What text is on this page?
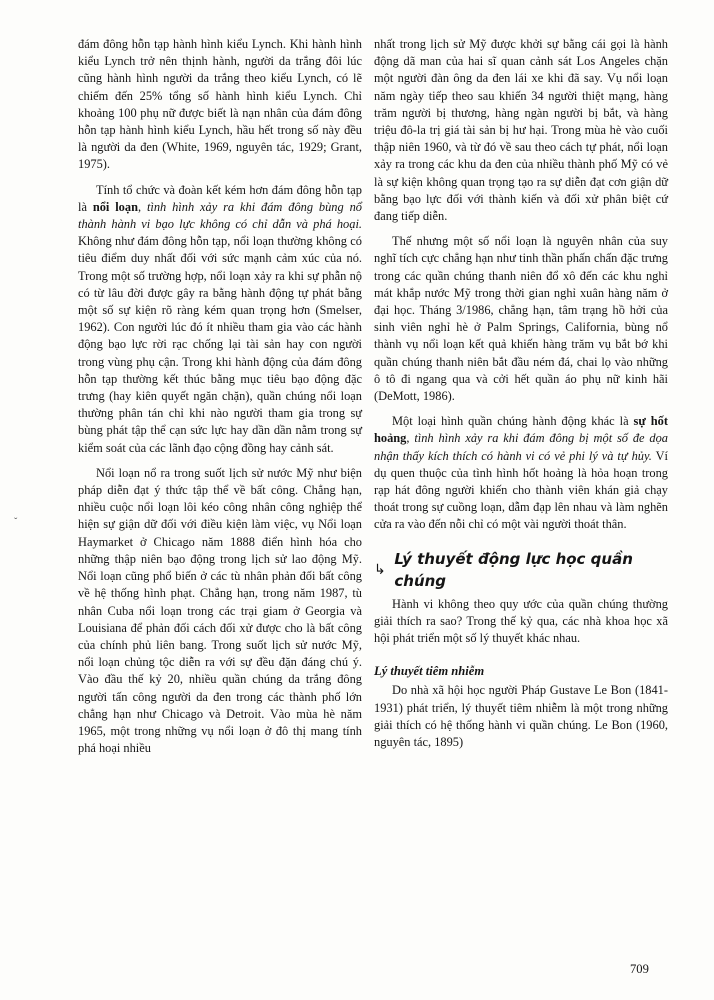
đám đông hỗn tạp hành hình kiểu Lynch. Khi hành hình kiểu Lynch trở nên thịnh hành, người da trắng đôi lúc cũng hành hình người da trắng theo kiểu Lynch, có lẽ chiếm đến 25% tổng số hành hình kiểu Lynch. Chỉ khoảng 100 phụ nữ được biết là nạn nhân của đám đông hỗn tạp hành hình kiểu Lynch, hầu hết trong số này đều là người da đen (White, 1969, nguyên tác, 1929; Grant, 1975).

Tính tổ chức và đoàn kết kém hơn đám đông hỗn tạp là nổi loạn, tình hình xảy ra khi đám đông bùng nổ thành hành vi bạo lực không có chỉ dẫn và phá hoại. Không như đám đông hỗn tạp, nổi loạn thường không có tiêu điểm duy nhất đối với sức mạnh cảm xúc của nó. Trong một số trường hợp, nổi loạn xảy ra khi sự phẫn nộ có từ lâu đời được gây ra bằng hành động tự phát bằng một số sự kiện rõ ràng kém quan trọng hơn (Smelser, 1962). Con người lúc đó ít nhiều tham gia vào các hành động bạo lực rời rạc chống lại tài sản hay con người trong vùng phụ cận. Trong khi hành động của đám đông hỗn tạp thường kết thúc bằng mục tiêu bạo động đặc trưng (hay kiên quyết ngăn chặn), quần chúng nổi loạn thường phân tán chỉ khi nào người tham gia trong sự bùng phát tập thể cạn sức lực hay dần dần nằm trong sự kiểm soát của các lãnh đạo cộng đồng hay cảnh sát.

Nổi loạn nổ ra trong suốt lịch sử nước Mỹ như biện pháp diễn đạt ý thức tập thể về bất công. Chẳng hạn, nhiều cuộc nổi loạn lôi kéo công nhân công nghiệp thể hiện sự giận dữ đối với điều kiện làm việc, vụ Nổi loạn Haymarket ở Chicago năm 1888 điển hình hóa cho những thập niên bạo động trong lịch sử lao động Mỹ. Nổi loạn cũng phổ biến ở các tù nhân phản đối bất công về hệ thống hình phạt. Chẳng hạn, trong năm 1987, tù nhân Cuba nổi loạn trong các trại giam ở Georgia và Louisiana để phản đối cách đối xử được cho là bất công của chính phủ liên bang. Trong suốt lịch sử nước Mỹ, nổi loạn chủng tộc diễn ra với sự đều đặn đáng chú ý. Vào đầu thế kỷ 20, nhiều quần chúng da trắng đông người tấn công người da đen trong các thành phố lớn chẳng hạn như Chicago và Detroit. Vào mùa hè năm 1965, một trong những vụ nổi loạn ở đô thị mang tính phá hoại nhiều

nhất trong lịch sử Mỹ được khởi sự bằng cái gọi là hành động dã man của hai sĩ quan cảnh sát Los Angeles chặn một người đàn ông da đen lái xe khi đã say. Vụ nổi loạn năm ngày tiếp theo sau khiến 34 người thiệt mạng, hàng trăm người bị thương, hàng ngàn người bị bắt, và hàng triệu đô-la trị giá tài sản bị hư hại. Trong mùa hè vào cuối thập niên 1960, và từ đó về sau theo cách tự phát, nổi loạn xảy ra trong các khu da đen của nhiều thành phố Mỹ có vẻ là sự kiện không quan trọng tạo ra sự diễn đạt cơn giận dữ bằng bạo lực đối với thành kiến và đối xử phân biệt cứ đang tiếp diễn.

Thế nhưng một số nổi loạn là nguyên nhân của suy nghĩ tích cực chẳng hạn như tinh thần phấn chấn đặc trưng trong các quần chúng thanh niên đổ xô đến các khu nghỉ mát khắp nước Mỹ trong thời gian nghỉ xuân hàng năm ở đại học. Tháng 3/1986, chẳng hạn, tâm trạng hồ hởi của sinh viên nghỉ hè ở Palm Springs, California, bùng nổ thành vụ nổi loạn kết quả khiến hàng trăm vụ bắt bớ khi quần chúng thanh niên bắt đầu ném đá, chai lọ vào những ô tô đi ngang qua và cởi hết quần áo phụ nữ kinh hãi (DeMott, 1986).

Một loại hình quần chúng hành động khác là sự hốt hoảng, tình hình xảy ra khi đám đông bị một số đe dọa nhận thấy kích thích có hành vi có vẻ phi lý và tự hủy. Ví dụ quen thuộc của tình hình hốt hoảng là hỏa hoạn trong rạp hát đông người khiến cho thành viên khán giả chạy thoát trong sự cuồng loạn, dẫm đạp lên nhau và làm nghẽn cửa ra vào đến nỗi chỉ có một vài người thoát thân.

↳
Lý thuyết động lực học quần chúng

Hành vi không theo quy ước của quần chúng thường giải thích ra sao? Trong thế kỷ qua, các nhà khoa học xã hội phát triển một số lý thuyết khác nhau.

Lý thuyết tiêm nhiễm

Do nhà xã hội học người Pháp Gustave Le Bon (1841-1931) phát triển, lý thuyết tiêm nhiễm là một trong những giải thích có hệ thống hành vi quần chúng. Le Bon (1960, nguyên tác, 1895)

ˇ
709
